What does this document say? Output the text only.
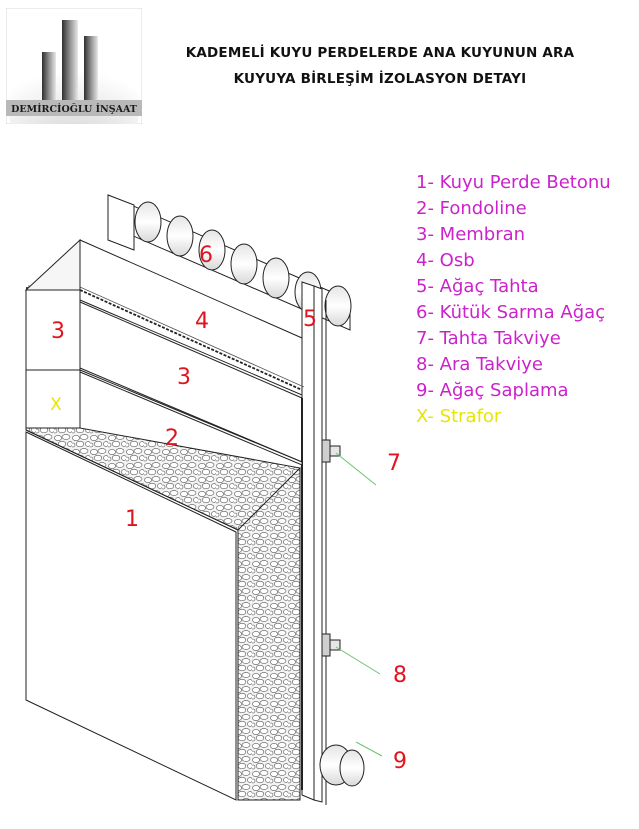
DEMİRCİOĞLU İNŞAAT
KADEMELİ KUYU PERDELERDE ANA KUYUNUN ARA
KUYUYA BİRLEŞİM İZOLASYON DETAYI
6
3	4	5
3
2
1
7
8
9
X
1- Kuyu Perde Betonu
2- Fondoline
3- Membran
4- Osb
5- Ağaç Tahta
6- Kütük Sarma Ağaç
7- Tahta Takviye
8- Ara Takviye
9- Ağaç Saplama
X- Strafor
